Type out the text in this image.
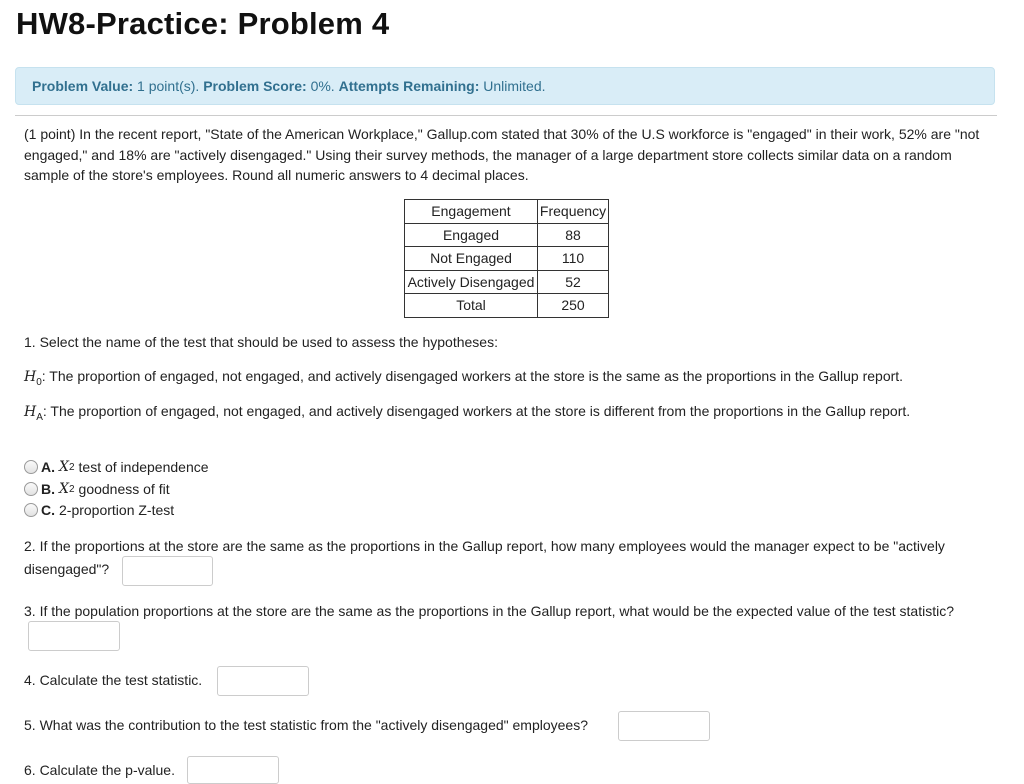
HW8-Practice: Problem 4
Problem Value: 1 point(s). Problem Score: 0%. Attempts Remaining: Unlimited.
(1 point) In the recent report, "State of the American Workplace," Gallup.com stated that 30% of the U.S workforce is "engaged" in their work, 52% are "not engaged," and 18% are "actively disengaged." Using their survey methods, the manager of a large department store collects similar data on a random sample of the store's employees. Round all numeric answers to 4 decimal places.
Engagement	Frequency
Engaged	88
Not Engaged	110
Actively Disengaged	52
Total	250
1. Select the name of the test that should be used to assess the hypotheses:
$H_0$: The proportion of engaged, not engaged, and actively disengaged workers at the store is the same as the proportions in the Gallup report.
$H_A$: The proportion of engaged, not engaged, and actively disengaged workers at the store is different from the proportions in the Gallup report.
A. X 2 test of independence
B. X 2 goodness of fit
C. 2-proportion Z-test
2. If the proportions at the store are the same as the proportions in the Gallup report, how many employees would the manager expect to be "actively
disengaged"?
3. If the population proportions at the store are the same as the proportions in the Gallup report, what would be the expected value of the test statistic?
4. Calculate the test statistic.
5. What was the contribution to the test statistic from the "actively disengaged" employees?
6. Calculate the p-value.
